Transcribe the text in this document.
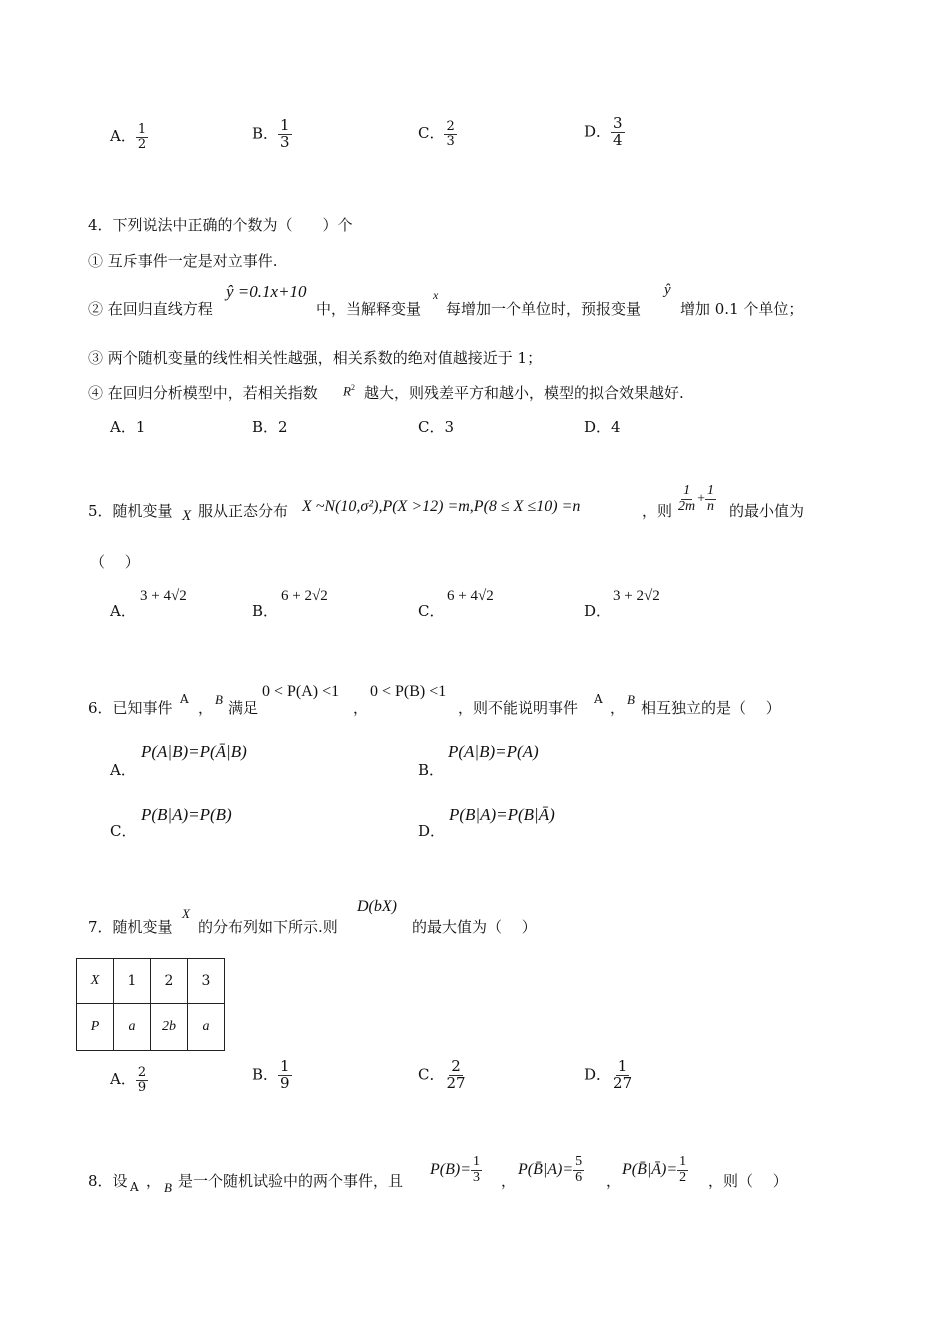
A． $\frac{1}{2}$	B． $\frac{1}{3}$	C． $\frac{2}{3}$	D． $\frac{3}{4}$
4．下列说法中正确的个数为（　　）个
① 互斥事件一定是对立事件.
② 在回归直线方程
ŷ =0.1x+10
中，当解释变量
x
每增加一个单位时，预报变量
ŷ
增加 0.1 个单位；
③ 两个随机变量的线性相关性越强，相关系数的绝对值越接近于 1；
④ 在回归分析模型中，若相关指数 $R^2$ 越大，则残差平方和越小，模型的拟合效果越好.
A．1	B．2	C．3	D．4
5．随机变量 X 服从正态分布 X ~N(10,σ²),P(X >12) =m,P(8 ≤ X ≤10) =n	，则 $\frac{1}{2m} + \frac{1}{n}$ 的最小值为
（　 ）
A．
3 + 4√2
B．
6 + 2√2
C．
6 + 4√2
D．
3 + 2√2
6．已知事件 A ， B 满足
0 < P(A) <1
，
0 < P(B) <1
，则不能说明事件 A ， B 相互独立的是（　 ）
A．
P(A|B)=P(Ā|B)
B．
P(A|B)=P(A)
C．
P(B|A)=P(B)
D．
P(B|A)=P(B|Ā)
7．随机变量
X
的分布列如下所示.则
D(bX)
的最大值为（　 ）
X	1	2	3
P	a	2b	a
A． $\frac{2}{9}$	B． $\frac{1}{9}$	C． $\frac{2}{27}$	D． $\frac{1}{27}$
8．设 A ， B 是一个随机试验中的两个事件，且
$P(B)= \frac{1}{3}$ ，
P(B̄|A)= $\frac{5}{6}$ ，
P(B̄|Ā)= $\frac{1}{2}$ ，则（　 ）
